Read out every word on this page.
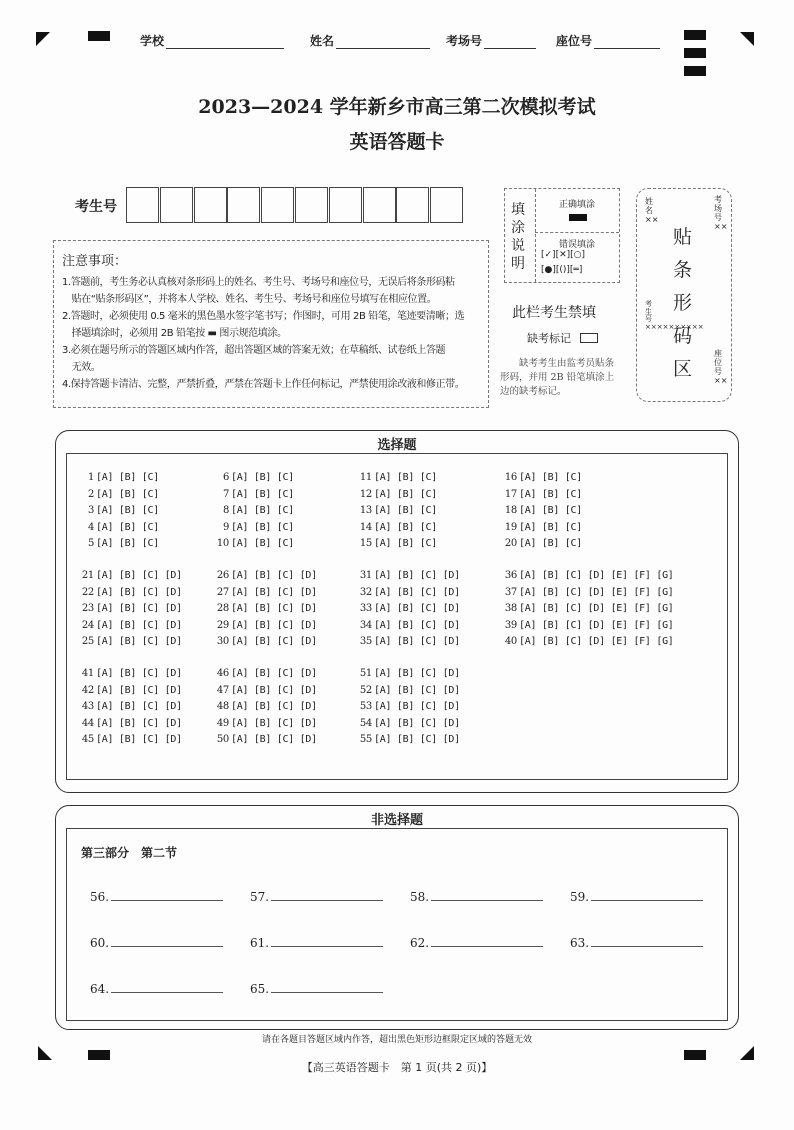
学校	姓名	考场号	座位号
2023—2024 学年新乡市高三第二次模拟考试
英语答题卡
考生号

注意事项：

1.答题前，考生务必认真核对条形码上的姓名、考生号、考场号和座位号，无误后将条形码粘

　贴在“贴条形码区”，并将本人学校、姓名、考生号、考场号和座位号填写在相应位置。

2.答题时，必须使用 0.5 毫米的黑色墨水签字笔书写；作图时，可用 2B 铅笔，笔迹要清晰；选

　择题填涂时，必须用 2B 铅笔按 ▬ 图示规范填涂。

3.必须在题号所示的答题区域内作答，超出答题区域的答案无效；在草稿纸、试卷纸上答题

　无效。

4.保持答题卡清洁、完整，严禁折叠，严禁在答题卡上作任何标记，严禁使用涂改液和修正带。

填涂说明
正确填涂
错误填涂
[✓][✕][○]
[●][()][═]
此栏考生禁填
缺考标记
缺考考生由监考员贴条形码，并用 2B 铅笔填涂上边的缺考标记。
姓名××
考场号××
贴条形码区
考生号××××××××××
座位号××
选择题
1 [A] [B] [C]
2 [A] [B] [C]
3 [A] [B] [C]
4 [A] [B] [C]
5 [A] [B] [C]
6 [A] [B] [C]
7 [A] [B] [C]
8 [A] [B] [C]
9 [A] [B] [C]
10 [A] [B] [C]
11 [A] [B] [C]
12 [A] [B] [C]
13 [A] [B] [C]
14 [A] [B] [C]
15 [A] [B] [C]
16 [A] [B] [C]
17 [A] [B] [C]
18 [A] [B] [C]
19 [A] [B] [C]
20 [A] [B] [C]
21 [A] [B] [C] [D]
22 [A] [B] [C] [D]
23 [A] [B] [C] [D]
24 [A] [B] [C] [D]
25 [A] [B] [C] [D]
26 [A] [B] [C] [D]
27 [A] [B] [C] [D]
28 [A] [B] [C] [D]
29 [A] [B] [C] [D]
30 [A] [B] [C] [D]
31 [A] [B] [C] [D]
32 [A] [B] [C] [D]
33 [A] [B] [C] [D]
34 [A] [B] [C] [D]
35 [A] [B] [C] [D]
36 [A] [B] [C] [D] [E] [F] [G]
37 [A] [B] [C] [D] [E] [F] [G]
38 [A] [B] [C] [D] [E] [F] [G]
39 [A] [B] [C] [D] [E] [F] [G]
40 [A] [B] [C] [D] [E] [F] [G]
41 [A] [B] [C] [D]
42 [A] [B] [C] [D]
43 [A] [B] [C] [D]
44 [A] [B] [C] [D]
45 [A] [B] [C] [D]
46 [A] [B] [C] [D]
47 [A] [B] [C] [D]
48 [A] [B] [C] [D]
49 [A] [B] [C] [D]
50 [A] [B] [C] [D]
51 [A] [B] [C] [D]
52 [A] [B] [C] [D]
53 [A] [B] [C] [D]
54 [A] [B] [C] [D]
55 [A] [B] [C] [D]
非选择题
第三部分　第二节
56.	57.	58.	59.
60.	61.	62.	63.
64.	65.
请在各题目答题区域内作答，超出黑色矩形边框限定区域的答题无效
【高三英语答题卡　第 1 页(共 2 页)】
